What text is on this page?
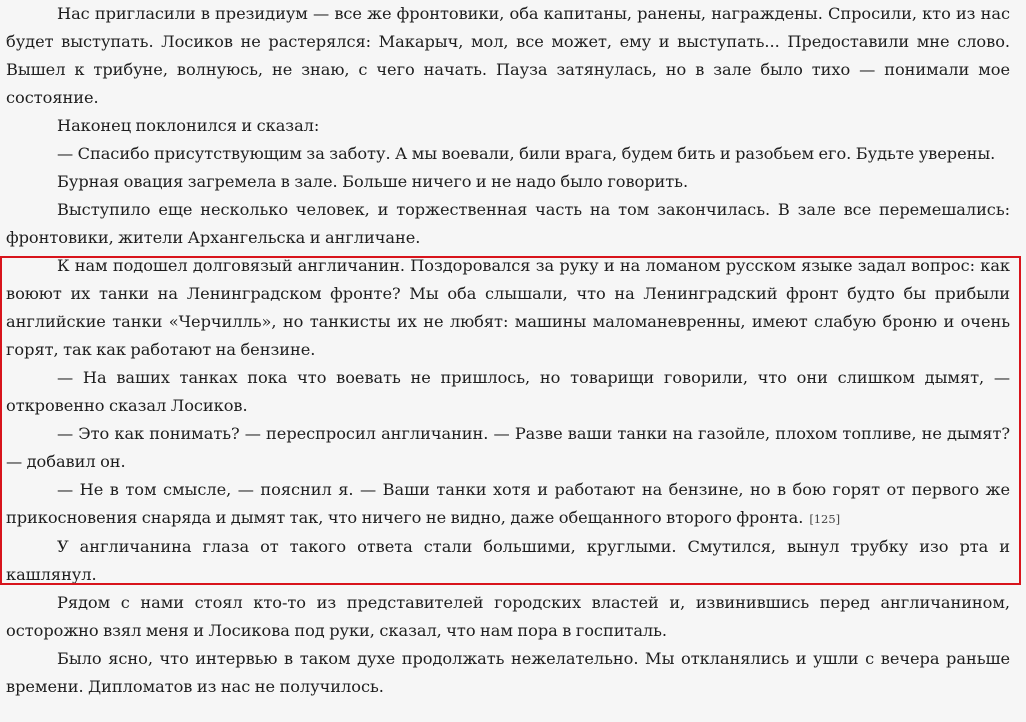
Нас пригласили в президиум — все же фронтовики, оба капитаны, ранены, награждены. Спросили, кто из нас будет выступать. Лосиков не растерялся: Макарыч, мол, все может, ему и выступать... Предоставили мне слово. Вышел к трибуне, волнуюсь, не знаю, с чего начать. Пауза затянулась, но в зале было тихо — понимали мое состояние.

Наконец поклонился и сказал:

— Спасибо присутствующим за заботу. А мы воевали, били врага, будем бить и разобьем его. Будьте уверены.

Бурная овация загремела в зале. Больше ничего и не надо было говорить.

Выступило еще несколько человек, и торжественная часть на том закончилась. В зале все перемешались: фронтовики, жители Архангельска и англичане.

К нам подошел долговязый англичанин. Поздоровался за руку и на ломаном русском языке задал вопрос: как воюют их танки на Ленинградском фронте? Мы оба слышали, что на Ленинградский фронт будто бы прибыли английские танки «Черчилль», но танкисты их не любят: машины маломаневренны, имеют слабую броню и очень горят, так как работают на бензине.

— На ваших танках пока что воевать не пришлось, но товарищи говорили, что они слишком дымят, — откровенно сказал Лосиков.

— Это как понимать? — переспросил англичанин. — Разве ваши танки на газойле, плохом топливе, не дымят? — добавил он.

— Не в том смысле, — пояснил я. — Ваши танки хотя и работают на бензине, но в бою горят от первого же прикосновения снаряда и дымят так, что ничего не видно, даже обещанного второго фронта. [125]

У англичанина глаза от такого ответа стали большими, круглыми. Смутился, вынул трубку изо рта и кашлянул.

Рядом с нами стоял кто-то из представителей городских властей и, извинившись перед англичанином, осторожно взял меня и Лосикова под руки, сказал, что нам пора в госпиталь.

Было ясно, что интервью в таком духе продолжать нежелательно. Мы откланялись и ушли с вечера раньше времени. Дипломатов из нас не получилось.
